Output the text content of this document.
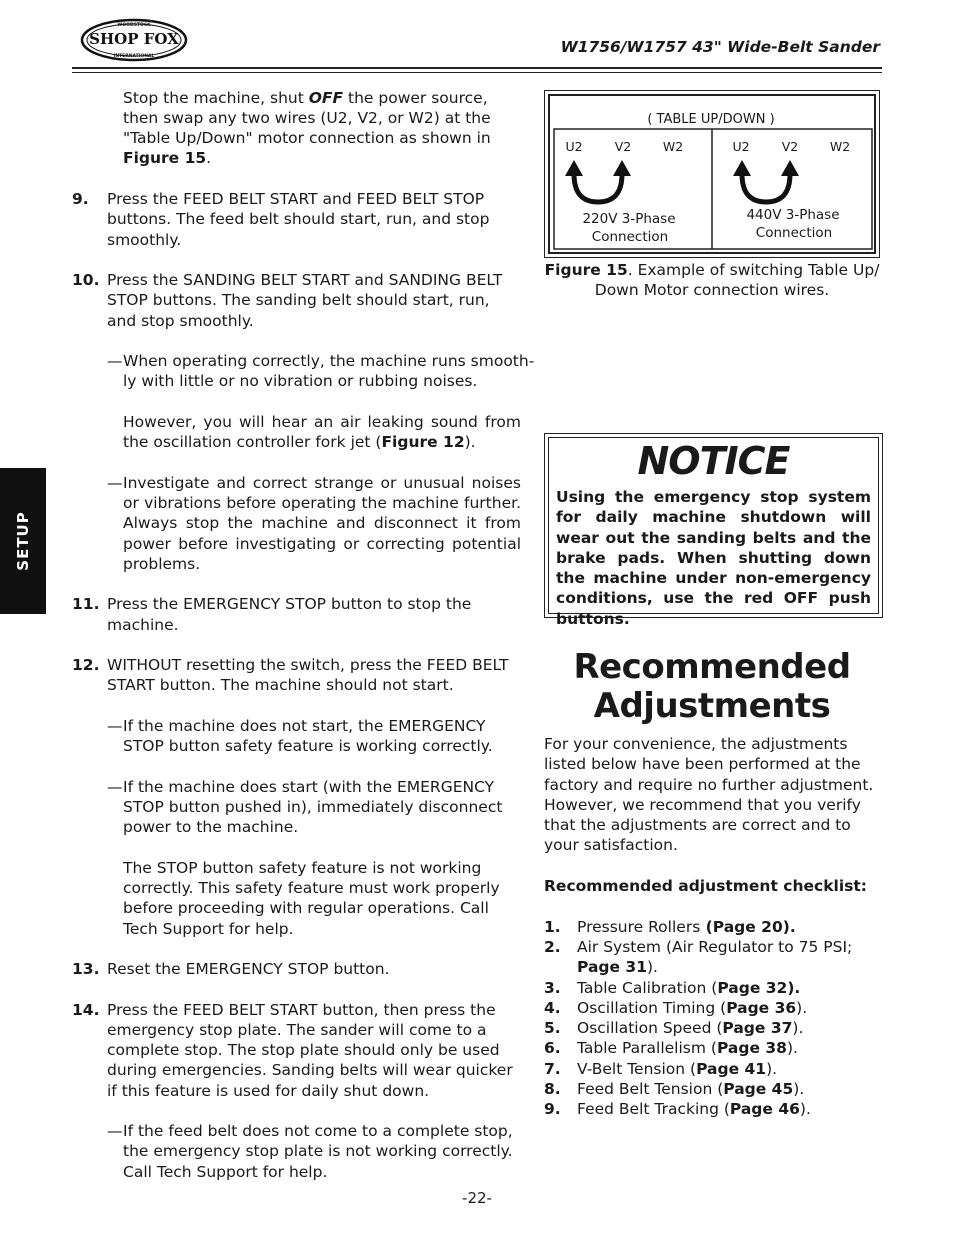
WOODSTOCK
SHOP FOX
INTERNATIONAL
W1756/W1757 43" Wide-Belt Sander
SETUP
Stop the machine, shut OFF the power source,
then swap any two wires (U2, V2, or W2) at the
"Table Up/Down" motor connection as shown in
Figure 15.
9. Press the FEED BELT START and FEED BELT STOP
buttons. The feed belt should start, run, and stop
smoothly.
10. Press the SANDING BELT START and SANDING BELT
STOP buttons. The sanding belt should start, run,
and stop smoothly.
— When operating correctly, the machine runs smooth-
ly with little or no vibration or rubbing noises.
However, you will hear an air leaking sound from
the oscillation controller fork jet (Figure 12).
— Investigate and correct strange or unusual noises
or vibrations before operating the machine further.
Always stop the machine and disconnect it from
power before investigating or correcting potential
problems.
11. Press the EMERGENCY STOP button to stop the
machine.
12. WITHOUT resetting the switch, press the FEED BELT
START button. The machine should not start.
— If the machine does not start, the EMERGENCY
STOP button safety feature is working correctly.
— If the machine does start (with the EMERGENCY
STOP button pushed in), immediately disconnect
power to the machine.
The STOP button safety feature is not working
correctly. This safety feature must work properly
before proceeding with regular operations. Call
Tech Support for help.
13. Reset the EMERGENCY STOP button.
14. Press the FEED BELT START button, then press the
emergency stop plate. The sander will come to a
complete stop. The stop plate should only be used
during emergencies. Sanding belts will wear quicker
if this feature is used for daily shut down.
— If the feed belt does not come to a complete stop,
the emergency stop plate is not working correctly.
Call Tech Support for help.
( TABLE UP/DOWN )
U2	V2	W2	U2	V2	W2
220V 3-Phase
Connection
440V 3-Phase
Connection
Figure 15. Example of switching Table Up/
Down Motor connection wires.
NOTICE
Using the emergency stop system for daily machine shutdown will wear out the sanding belts and the brake pads. When shutting down the machine under non-emergency conditions, use the red OFF push buttons.
Recommended
Adjustments
For your convenience, the adjustments
listed below have been performed at the
factory and require no further adjustment.
However, we recommend that you verify
that the adjustments are correct and to
your satisfaction.
Recommended adjustment checklist:
1. Pressure Rollers (Page 20).
2. Air System (Air Regulator to 75 PSI;
Page 31).
3. Table Calibration (Page 32).
4. Oscillation Timing (Page 36).
5. Oscillation Speed (Page 37).
6. Table Parallelism (Page 38).
7. V-Belt Tension (Page 41).
8. Feed Belt Tension (Page 45).
9. Feed Belt Tracking (Page 46).
-22-
